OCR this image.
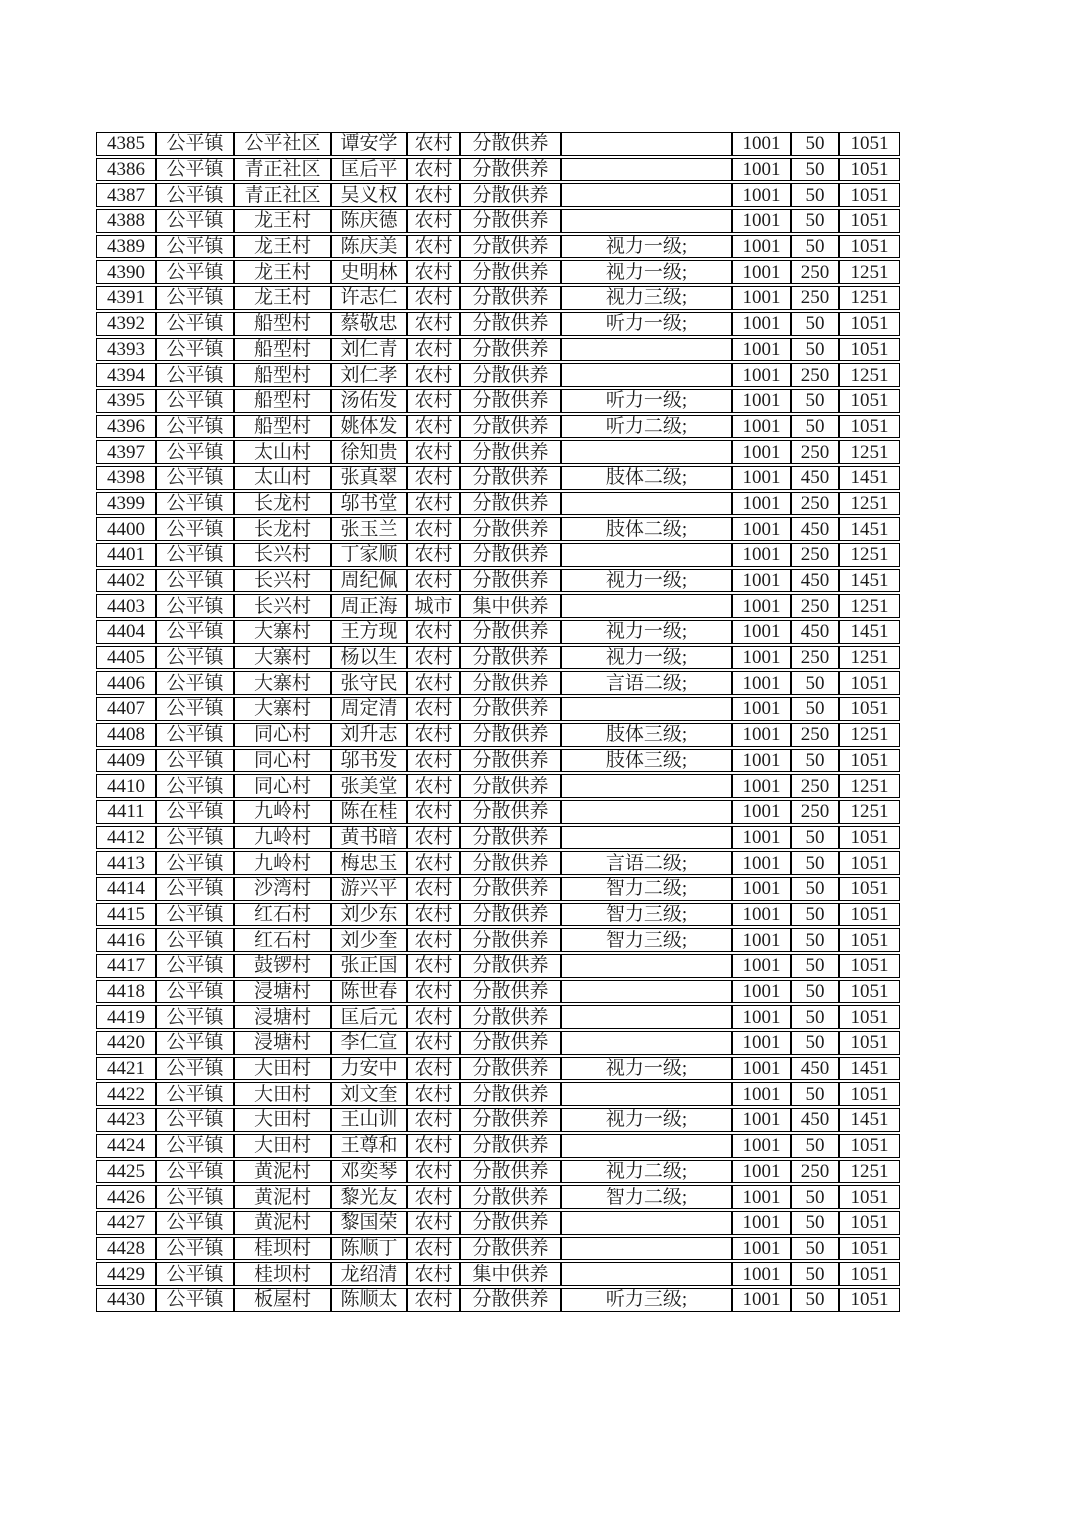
4385	公平镇	公平社区	谭安学	农村	分散供养		1001	50	1051
4386	公平镇	青正社区	匡后平	农村	分散供养		1001	50	1051
4387	公平镇	青正社区	吴义权	农村	分散供养		1001	50	1051
4388	公平镇	龙王村	陈庆德	农村	分散供养		1001	50	1051
4389	公平镇	龙王村	陈庆美	农村	分散供养	视力一级;	1001	50	1051
4390	公平镇	龙王村	史明林	农村	分散供养	视力一级;	1001	250	1251
4391	公平镇	龙王村	许志仁	农村	分散供养	视力三级;	1001	250	1251
4392	公平镇	船型村	蔡敬忠	农村	分散供养	听力一级;	1001	50	1051
4393	公平镇	船型村	刘仁青	农村	分散供养		1001	50	1051
4394	公平镇	船型村	刘仁孝	农村	分散供养		1001	250	1251
4395	公平镇	船型村	汤佑发	农村	分散供养	听力一级;	1001	50	1051
4396	公平镇	船型村	姚体发	农村	分散供养	听力二级;	1001	50	1051
4397	公平镇	太山村	徐知贵	农村	分散供养		1001	250	1251
4398	公平镇	太山村	张真翠	农村	分散供养	肢体二级;	1001	450	1451
4399	公平镇	长龙村	邬书堂	农村	分散供养		1001	250	1251
4400	公平镇	长龙村	张玉兰	农村	分散供养	肢体二级;	1001	450	1451
4401	公平镇	长兴村	丁家顺	农村	分散供养		1001	250	1251
4402	公平镇	长兴村	周纪佩	农村	分散供养	视力一级;	1001	450	1451
4403	公平镇	长兴村	周正海	城市	集中供养		1001	250	1251
4404	公平镇	大寨村	王方现	农村	分散供养	视力一级;	1001	450	1451
4405	公平镇	大寨村	杨以生	农村	分散供养	视力一级;	1001	250	1251
4406	公平镇	大寨村	张守民	农村	分散供养	言语二级;	1001	50	1051
4407	公平镇	大寨村	周定清	农村	分散供养		1001	50	1051
4408	公平镇	同心村	刘升志	农村	分散供养	肢体三级;	1001	250	1251
4409	公平镇	同心村	邬书发	农村	分散供养	肢体三级;	1001	50	1051
4410	公平镇	同心村	张美堂	农村	分散供养		1001	250	1251
4411	公平镇	九岭村	陈在桂	农村	分散供养		1001	250	1251
4412	公平镇	九岭村	黄书暗	农村	分散供养		1001	50	1051
4413	公平镇	九岭村	梅忠玉	农村	分散供养	言语二级;	1001	50	1051
4414	公平镇	沙湾村	游兴平	农村	分散供养	智力二级;	1001	50	1051
4415	公平镇	红石村	刘少东	农村	分散供养	智力三级;	1001	50	1051
4416	公平镇	红石村	刘少奎	农村	分散供养	智力三级;	1001	50	1051
4417	公平镇	鼓锣村	张正国	农村	分散供养		1001	50	1051
4418	公平镇	浸塘村	陈世春	农村	分散供养		1001	50	1051
4419	公平镇	浸塘村	匡后元	农村	分散供养		1001	50	1051
4420	公平镇	浸塘村	李仁宣	农村	分散供养		1001	50	1051
4421	公平镇	大田村	力安中	农村	分散供养	视力一级;	1001	450	1451
4422	公平镇	大田村	刘文奎	农村	分散供养		1001	50	1051
4423	公平镇	大田村	王山训	农村	分散供养	视力一级;	1001	450	1451
4424	公平镇	大田村	王尊和	农村	分散供养		1001	50	1051
4425	公平镇	黄泥村	邓奕琴	农村	分散供养	视力二级;	1001	250	1251
4426	公平镇	黄泥村	黎光友	农村	分散供养	智力二级;	1001	50	1051
4427	公平镇	黄泥村	黎国荣	农村	分散供养		1001	50	1051
4428	公平镇	桂坝村	陈顺丁	农村	分散供养		1001	50	1051
4429	公平镇	桂坝村	龙绍清	农村	集中供养		1001	50	1051
4430	公平镇	板屋村	陈顺太	农村	分散供养	听力三级;	1001	50	1051
